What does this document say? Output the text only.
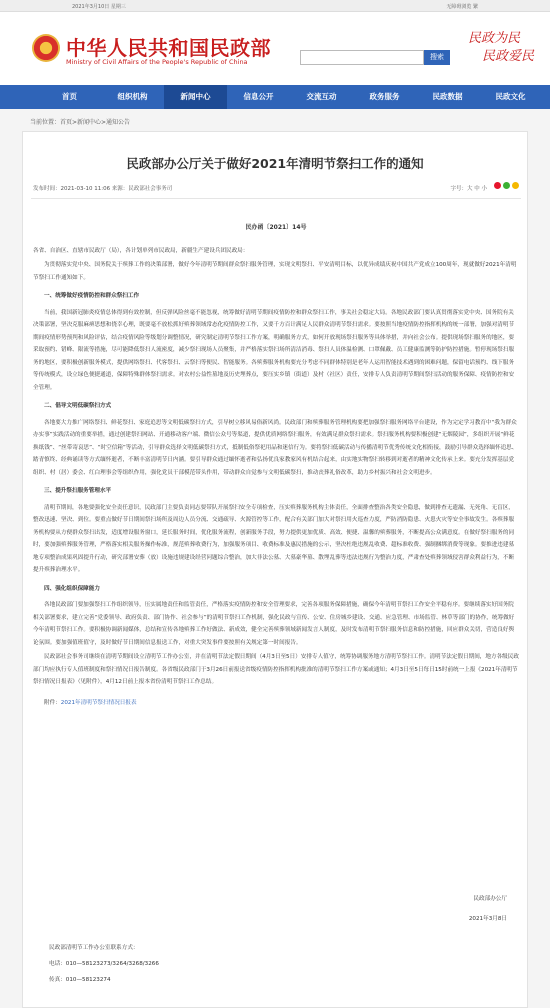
2021年3月10日 星期三	无障碍浏览 繁
中华人民共和国民政部
Ministry of Civil Affairs of the People's Republic of China
搜索
民政为民
民政爱民
首页	组织机构	新闻中心	信息公开	交流互动	政务服务	民政数据	民政文化
当前位置：首页>新闻中心>通知公告
民政部办公厅关于做好2021年清明节祭扫工作的通知
发布时间：2021-03-10 11:06 来源：民政部社会事务司	字号：大 中 小

民办函〔2021〕14号

各省、自治区、直辖市民政厅（局），各计划单列市民政局，新疆生产建设兵团民政局：

为贯彻落实党中央、国务院关于殡葬工作的决策部署，做好今年清明节期间群众祭扫服务管理，实现文明祭扫、平安清明目标，以优异成绩庆祝中国共产党成立100周年，现就做好2021年清明节祭扫工作通知如下。

一、统筹做好疫情防控和群众祭扫工作

当前，我国新冠肺炎疫情总体得到有效控制，但反弹风险丝毫不能忽视，统筹做好清明节期间疫情防控和群众祭扫工作，事关社会稳定大局。各地民政部门要认真贯彻落实党中央、国务院有关决策部署，坚决克服麻痹思想和侥幸心理，既要毫不放松抓好殡葬领域常态化疫情防控工作，又要千方百计满足人民群众清明节祭扫需求。要按照当地疫情防控指挥机构的统一部署，加强对清明节期间疫情形势预判和风险评估，结合疫情风险等级划分调整情况，研究制定清明节祭扫工作方案，明确服务方式，如何开放现场祭扫服务等具体举措，并向社会公布。提供现场祭扫服务的地区，要采取预约、错峰、限流等措施，尽可能降低祭扫人流密度，减少祭扫现场人员聚集，并严格落实祭扫场所清洁消毒、祭扫人员体温检测、口罩佩戴、员工健康监测等防护防控措施。暂停现场祭扫服务的地区，要积极创新服务模式，提供网络祭扫、代客祭扫、云祭扫等便民、智能服务。各殡葬服务机构要充分考虑不同群体特别是老年人运用智能技术遇到的困难问题，保留电话预约、线下服务等传统模式，设立绿色便捷通道，保障特殊群体祭扫需求。对农村公益性墓地及历史埋葬点，要压实乡镇（街道）及村（社区）责任，安排专人负责清明节期间祭扫活动的服务保障、疫情防控和安全管理。

二、倡导文明低碳祭扫方式

各地要大力推广网络祭扫、鲜花祭扫、家庭追思等文明低碳祭扫方式，引导树立移风易俗新风尚。民政部门和殡葬服务管理机构要把加强祭扫服务网络平台建设，作为完定学习教育中“我为群众办实事”实践活动的重要举措，通过创建祭扫网站、开通移动客户端、微信公众号等渠道，提供优质网络祭扫服务，有效满足群众祭扫需求。祭扫服务机构要积极创建“无烟陵园”，多组织开展“鲜花换纸钱”、“丝带寄哀思”、“时空信箱”等活动，引导群众选择文明低碳祭扫方式，抵制低俗祭祀用品和迷信行为。要将祭扫低碳活动与传播清明节优秀传统文化相衔接，鼓励引导群众选择缅怀追思、踏青慎终、经典诵读等方式缅怀逝者，不断丰富清明节日内涵。要引导群众通过缅怀逝者和弘扬优良家教家风有机结合起来，由实地实物祭扫转移到对逝者的精神文化传承上来。要充分发挥基层党组织、村（居）委会、红白理事会等组织作用，强化党员干部模范带头作用，带动群众自觉参与文明低碳祭扫，推动丧葬礼俗改革，助力乡村振兴和社会文明进步。

三、提升祭扫服务管理水平

清明节期间，各地要强化安全责任意识，民政部门主要负责同志要带队开展祭扫安全专项检查，压实殡葬服务机构主体责任，全面排查整治各类安全隐患，做到排查无遗漏、无死角、无盲区，整改迅速、坚决、到位。要重点做好节日期间祭扫场所及周边人员分流、交通疏导、火源管控等工作，配合有关部门加大对祭扫用火巡查力度，严防消防隐患、火患火灾等安全事故发生。各殡葬服务机构要从方便群众祭扫出发，适度增设服务窗口，延长服务时间，优化服务流程，创新服务手段，努力提供更加优质、高效、便捷、温馨的殡葬服务，不断提高公众满意度。在做好祭扫服务的同时，要加强殡葬服务管理，严格落实相关服务操作标准，规范殡葬收费行为，加强服务项目、收费标准及惠民措施的公示，坚决杜绝违规乱收费、超标准收费、强制捆绑消费等现象。要推进违建墓地专项整治成果巩固提升行动，研究部署安葬（放）设施违规建设经营问题综合整治，加大非法公墓、大墓豪华墓、散埋乱葬等违法违规行为整治力度，严肃查处殡葬领域侵害群众利益行为，不断提升殡葬治理水平。

四、强化组织保障能力

各地民政部门要加强祭扫工作组织领导，压实属地责任和监管责任，严格落实疫情防控和安全管理要求，完善各项服务保障措施，确保今年清明节祭扫工作安全平稳有序。要继续落实好国务院相关部署要求，建立完善“党委领导、政府负责、部门协作、社会参与”的清明节祭扫工作机制，强化民政与宣传、公安、住房城乡建设、交通、应急管理、市场监管、林草等部门的协作，统筹做好今年清明节祭扫工作。要积极协调新闻媒体，总结和宣传各地殡葬工作好做法、新成效，健全完善殡葬领域新闻发言人制度，及时发布清明节祭扫服务信息和防控措施，回应群众关切，营造良好舆论氛围。要加强值班值守，及时做好节日期间信息报送工作，对重大突发事件要按照有关规定第一时间报告。

民政部社会事务司继续在清明节期间设立清明节工作办公室，并在清明节法定假日期间（4月3日至5日）安排专人值守，统筹协调服务地方清明节祭扫工作。清明节法定假日期间，地方各级民政部门均应执行专人值班制度和祭扫情况日报告制度。各省级民政部门于3月26日前报送省级疫情防控指挥机构批准的清明节祭扫工作方案或通知；4月3日至5日每日15时前统一上报《2021年清明节祭扫情况日报表》（见附件），4月12日前上报本省份清明节祭扫工作总结。

附件：2021年清明节祭扫情况日报表

民政部办公厅
2021年3月8日
民政部清明节工作办公室联系方式：
电话：010—58123273/3264/3268/3266
传真：010—58123274
